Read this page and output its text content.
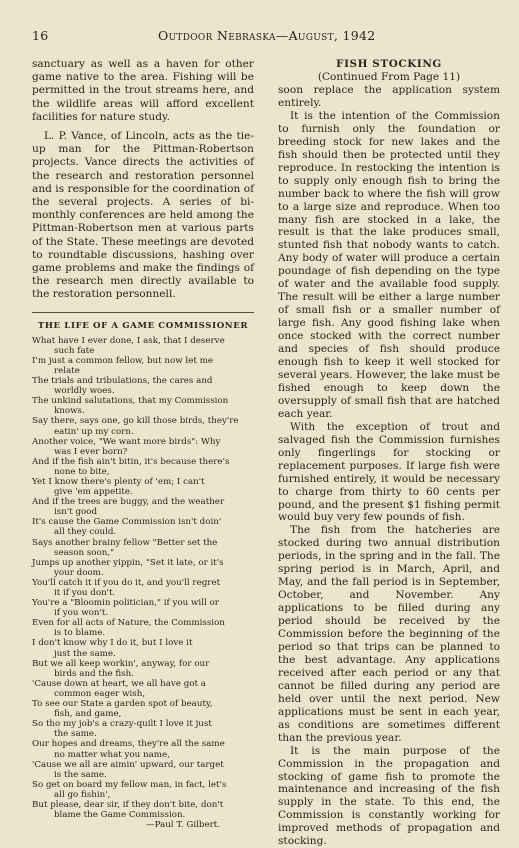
16	Outdoor Nebraska—August, 1942

sanctuary as well as a haven for other game native to the area. Fishing will be permitted in the trout streams here, and the wildlife areas will afford excellent facilities for nature study.

L. P. Vance, of Lincoln, acts as the tie-up man for the Pittman-Robertson projects. Vance directs the activities of the research and restoration personnel and is responsible for the coordination of the several projects. A series of bi-monthly conferences are held among the Pittman-Robertson men at various parts of the State. These meetings are devoted to roundtable discussions, hashing over game problems and make the findings of the research men directly available to the restoration personnell.

THE LIFE OF A GAME COMMISSIONER

What have I ever done, I ask, that I deserve
such fate

I'm just a common fellow, but now let me
relate

The trials and tribulations, the cares and
worldly woes.

The unkind salutations, that my Commission
knows.

Say there, says one, go kill those birds, they're
eatin' up my corn.

Another voice, "We want more birds": Why
was I ever born?

And if the fish ain't bitin, it's because there's
none to bite,

Yet I know there's plenty of 'em; I can't
give 'em appetite.

And if the trees are buggy, and the weather
isn't good

It's cause the Game Commission isn't doin'
all they could.

Says another brainy fellow "Better set the
season soon,"

Jumps up another yippin, "Set it late, or it's
your doom.

You'll catch it if you do it, and you'll regret
it if you don't.

You're a "Bloomin politician," if you will or
if you won't.

Even for all acts of Nature, the Commission
is to blame.

I don't know why I do it, but I love it
just the same.

But we all keep workin', anyway, for our
birds and the fish.

'Cause down at heart, we all have got a
common eager wish,

To see our State a garden spot of beauty,
fish, and game,

So tho my job's a crazy-quilt I love it just
the same.

Our hopes and dreams, they're all the same
no matter what you name,

'Cause we all are aimin' upward, our target
is the same.

So get on board my fellow man, in fact, let's
all go fishin',

But please, dear sir, if they don't bite, don't
blame the Game Commission.

—Paul T. Gilbert.
FISH STOCKING
(Continued From Page 11)

soon replace the application system entirely.

It is the intention of the Commission to furnish only the foundation or breeding stock for new lakes and the fish should then be protected until they reproduce. In restocking the intention is to supply only enough fish to bring the number back to where the fish will grow to a large size and reproduce. When too many fish are stocked in a lake, the result is that the lake produces small, stunted fish that nobody wants to catch. Any body of water will produce a certain poundage of fish depending on the type of water and the available food supply. The result will be either a large number of small fish or a smaller number of large fish. Any good fishing lake when once stocked with the correct number and species of fish should produce enough fish to keep it well stocked for several years. However, the lake must be fished enough to keep down the oversupply of small fish that are hatched each year.

With the exception of trout and salvaged fish the Commission furnishes only fingerlings for stocking or replacement purposes. If large fish were furnished entirely, it would be necessary to charge from thirty to 60 cents per pound, and the present $1 fishing permit would buy very few pounds of fish.

The fish from the hatcheries are stocked during two annual distribution periods, in the spring and in the fall. The spring period is in March, April, and May, and the fall period is in September, October, and November. Any applications to be filled during any period should be received by the Commission before the beginning of the period so that trips can be planned to the best advantage. Any applications received after each period or any that cannot be filled during any period are held over until the next period. New applications must be sent in each year, as conditions are sometimes different than the previous year.

It is the main purpose of the Commission in the propagation and stocking of game fish to promote the maintenance and increasing of the fish supply in the state. To this end, the Commission is constantly working for improved methods of propagation and stocking.
